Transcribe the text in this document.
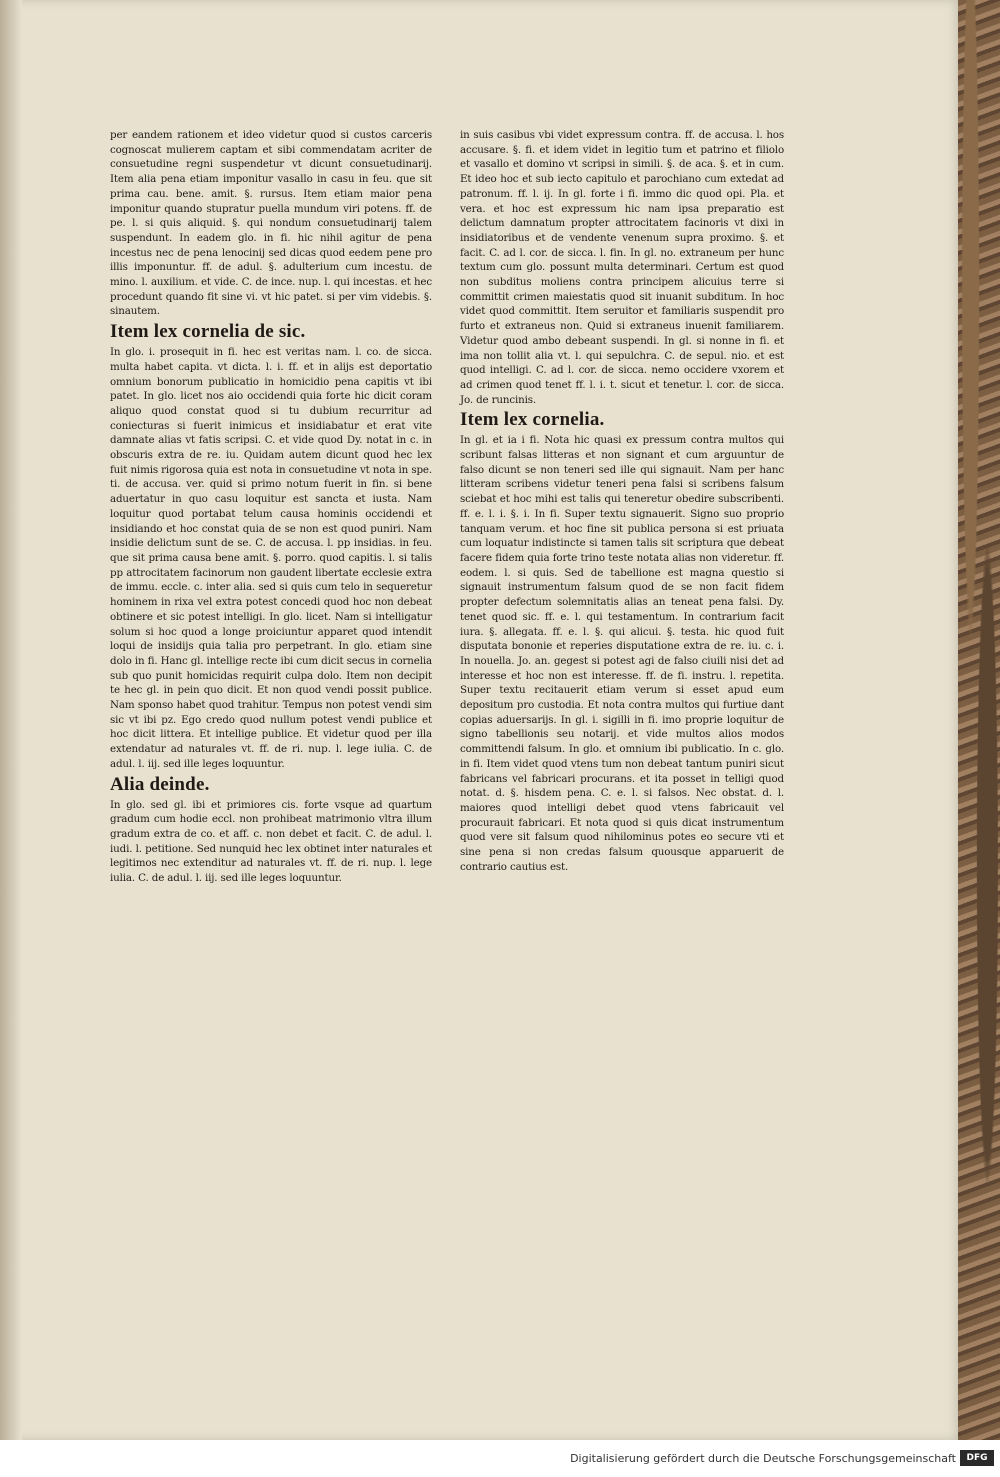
per eandem rationem et ideo videtur quod si custos carceris cognoscat mulierem captam et sibi commendatam acriter de consuetudine regni suspendetur vt dicunt consuetudinarij. Item alia pena etiam imponitur vasallo in casu in feu. que sit prima cau. bene. amit. §. rursus. Item etiam maior pena imponitur quando stupratur puella mundum viri potens. ff. de pe. l. si quis aliquid. §. qui nondum consuetudinarij talem suspendunt. In eadem glo. in fi. hic nihil agitur de pena incestus nec de pena lenocinij sed dicas quod eedem pene pro illis imponuntur. ff. de adul. §. adulterium cum incestu. de mino. l. auxilium. et vide. C. de ince. nup. l. qui incestas. et hec procedunt quando fit sine vi. vt hic patet. si per vim videbis. §. sinautem.
Item lex cornelia de sic.
In glo. i. prosequit in fi. hec est veritas nam. l. co. de sicca. multa habet capita. vt dicta. l. i. ff. et in alijs est deportatio omnium bonorum publicatio in homicidio pena capitis vt ibi patet. In glo. licet nos aio occidendi quia forte hic dicit coram aliquo quod constat quod si tu dubium recurritur ad coniecturas si fuerit inimicus et insidiabatur et erat vite damnate alias vt fatis scripsi. C. et vide quod Dy. notat in c. in obscuris extra de re. iu. Quidam autem dicunt quod hec lex fuit nimis rigorosa quia est nota in consuetudine vt nota in spe. ti. de accusa. ver. quid si primo notum fuerit in fin. si bene aduertatur in quo casu loquitur est sancta et iusta. Nam loquitur quod portabat telum causa hominis occidendi et insidiando et hoc constat quia de se non est quod puniri. Nam insidie delictum sunt de se. C. de accusa. l. pp insidias. in feu. que sit prima causa bene amit. §. porro. quod capitis. l. si talis pp attrocitatem facinorum non gaudent libertate ecclesie extra de immu. eccle. c. inter alia. sed si quis cum telo in sequeretur hominem in rixa vel extra potest concedi quod hoc non debeat obtinere et sic potest intelligi. In glo. licet. Nam si intelligatur solum si hoc quod a longe proiciuntur apparet quod intendit loqui de insidijs quia talia pro perpetrant. In glo. etiam sine dolo in fi. Hanc gl. intellige recte ibi cum dicit secus in cornelia sub quo punit homicidas requirit culpa dolo. Item non decipit te hec gl. in pein quo dicit. Et non quod vendi possit publice. Nam sponso habet quod trahitur. Tempus non potest vendi sim sic vt ibi pz. Ego credo quod nullum potest vendi publice et hoc dicit littera. Et intellige publice. Et videtur quod per illa extendatur ad naturales vt. ff. de ri. nup. l. lege iulia. C. de adul. l. iij. sed ille leges loquuntur.
Alia deinde.
In glo. sed gl. ibi et primiores cis. forte vsque ad quartum gradum cum hodie eccl. non prohibeat matrimonio vltra illum gradum extra de co. et aff. c. non debet et facit. C. de adul. l. iudi. l. petitione. Sed nunquid hec lex obtinet inter naturales et legitimos nec extenditur ad naturales vt. ff. de ri. nup. l. lege iulia. C. de adul. l. iij. sed ille leges loquuntur.
in suis casibus vbi videt expressum contra. ff. de accusa. l. hos accusare. §. fi. et idem videt in legitio tum et patrino et filiolo et vasallo et domino vt scripsi in simili. §. de aca. §. et in cum. Et ideo hoc et sub iecto capitulo et parochiano cum extedat ad patronum. ff. l. ij. In gl. forte i fi. immo dic quod opi. Pla. et vera. et hoc est expressum hic nam ipsa preparatio est delictum damnatum propter attrocitatem facinoris vt dixi in insidiatoribus et de vendente venenum supra proximo. §. et facit. C. ad l. cor. de sicca. l. fin. In gl. no. extraneum per hunc textum cum glo. possunt multa determinari. Certum est quod non subditus moliens contra principem alicuius terre si committit crimen maiestatis quod sit inuanit subditum. In hoc videt quod committit. Item seruitor et familiaris suspendit pro furto et extraneus non. Quid si extraneus inuenit familiarem. Videtur quod ambo debeant suspendi. In gl. si nonne in fi. et ima non tollit alia vt. l. qui sepulchra. C. de sepul. nio. et est quod intelligi. C. ad l. cor. de sicca. nemo occidere vxorem et ad crimen quod tenet ff. l. i. t. sicut et tenetur. l. cor. de sicca. Jo. de runcinis.
Item lex cornelia.
In gl. et ia i fi. Nota hic quasi ex pressum contra multos qui scribunt falsas litteras et non signant et cum arguuntur de falso dicunt se non teneri sed ille qui signauit. Nam per hanc litteram scribens videtur teneri pena falsi si scribens falsum sciebat et hoc mihi est talis qui teneretur obedire subscribenti. ff. e. l. i. §. i. In fi. Super textu signauerit. Signo suo proprio tanquam verum. et hoc fine sit publica persona si est priuata cum loquatur indistincte si tamen talis sit scriptura que debeat facere fidem quia forte trino teste notata alias non videretur. ff. eodem. l. si quis. Sed de tabellione est magna questio si signauit instrumentum falsum quod de se non facit fidem propter defectum solemnitatis alias an teneat pena falsi. Dy. tenet quod sic. ff. e. l. qui testamentum. In contrarium facit iura. §. allegata. ff. e. l. §. qui alicui. §. testa. hic quod fuit disputata bononie et reperies disputatione extra de re. iu. c. i. In nouella. Jo. an. gegest si potest agi de falso ciuili nisi det ad interesse et hoc non est interesse. ff. de fi. instru. l. repetita. Super textu recitauerit etiam verum si esset apud eum depositum pro custodia. Et nota contra multos qui furtiue dant copias aduersarijs. In gl. i. sigilli in fi. imo proprie loquitur de signo tabellionis seu notarij. et vide multos alios modos committendi falsum. In glo. et omnium ibi publicatio. In c. glo. in fi. Item videt quod vtens tum non debeat tantum puniri sicut fabricans vel fabricari procurans. et ita posset in telligi quod notat. d. §. hisdem pena. C. e. l. si falsos. Nec obstat. d. l. maiores quod intelligi debet quod vtens fabricauit vel procurauit fabricari. Et nota quod si quis dicat instrumentum quod vere sit falsum quod nihilominus potes eo secure vti et sine pena si non credas falsum quousque apparuerit de contrario cautius est.
Digitalisierung gefördert durch die Deutsche Forschungsgemeinschaft	DFG
